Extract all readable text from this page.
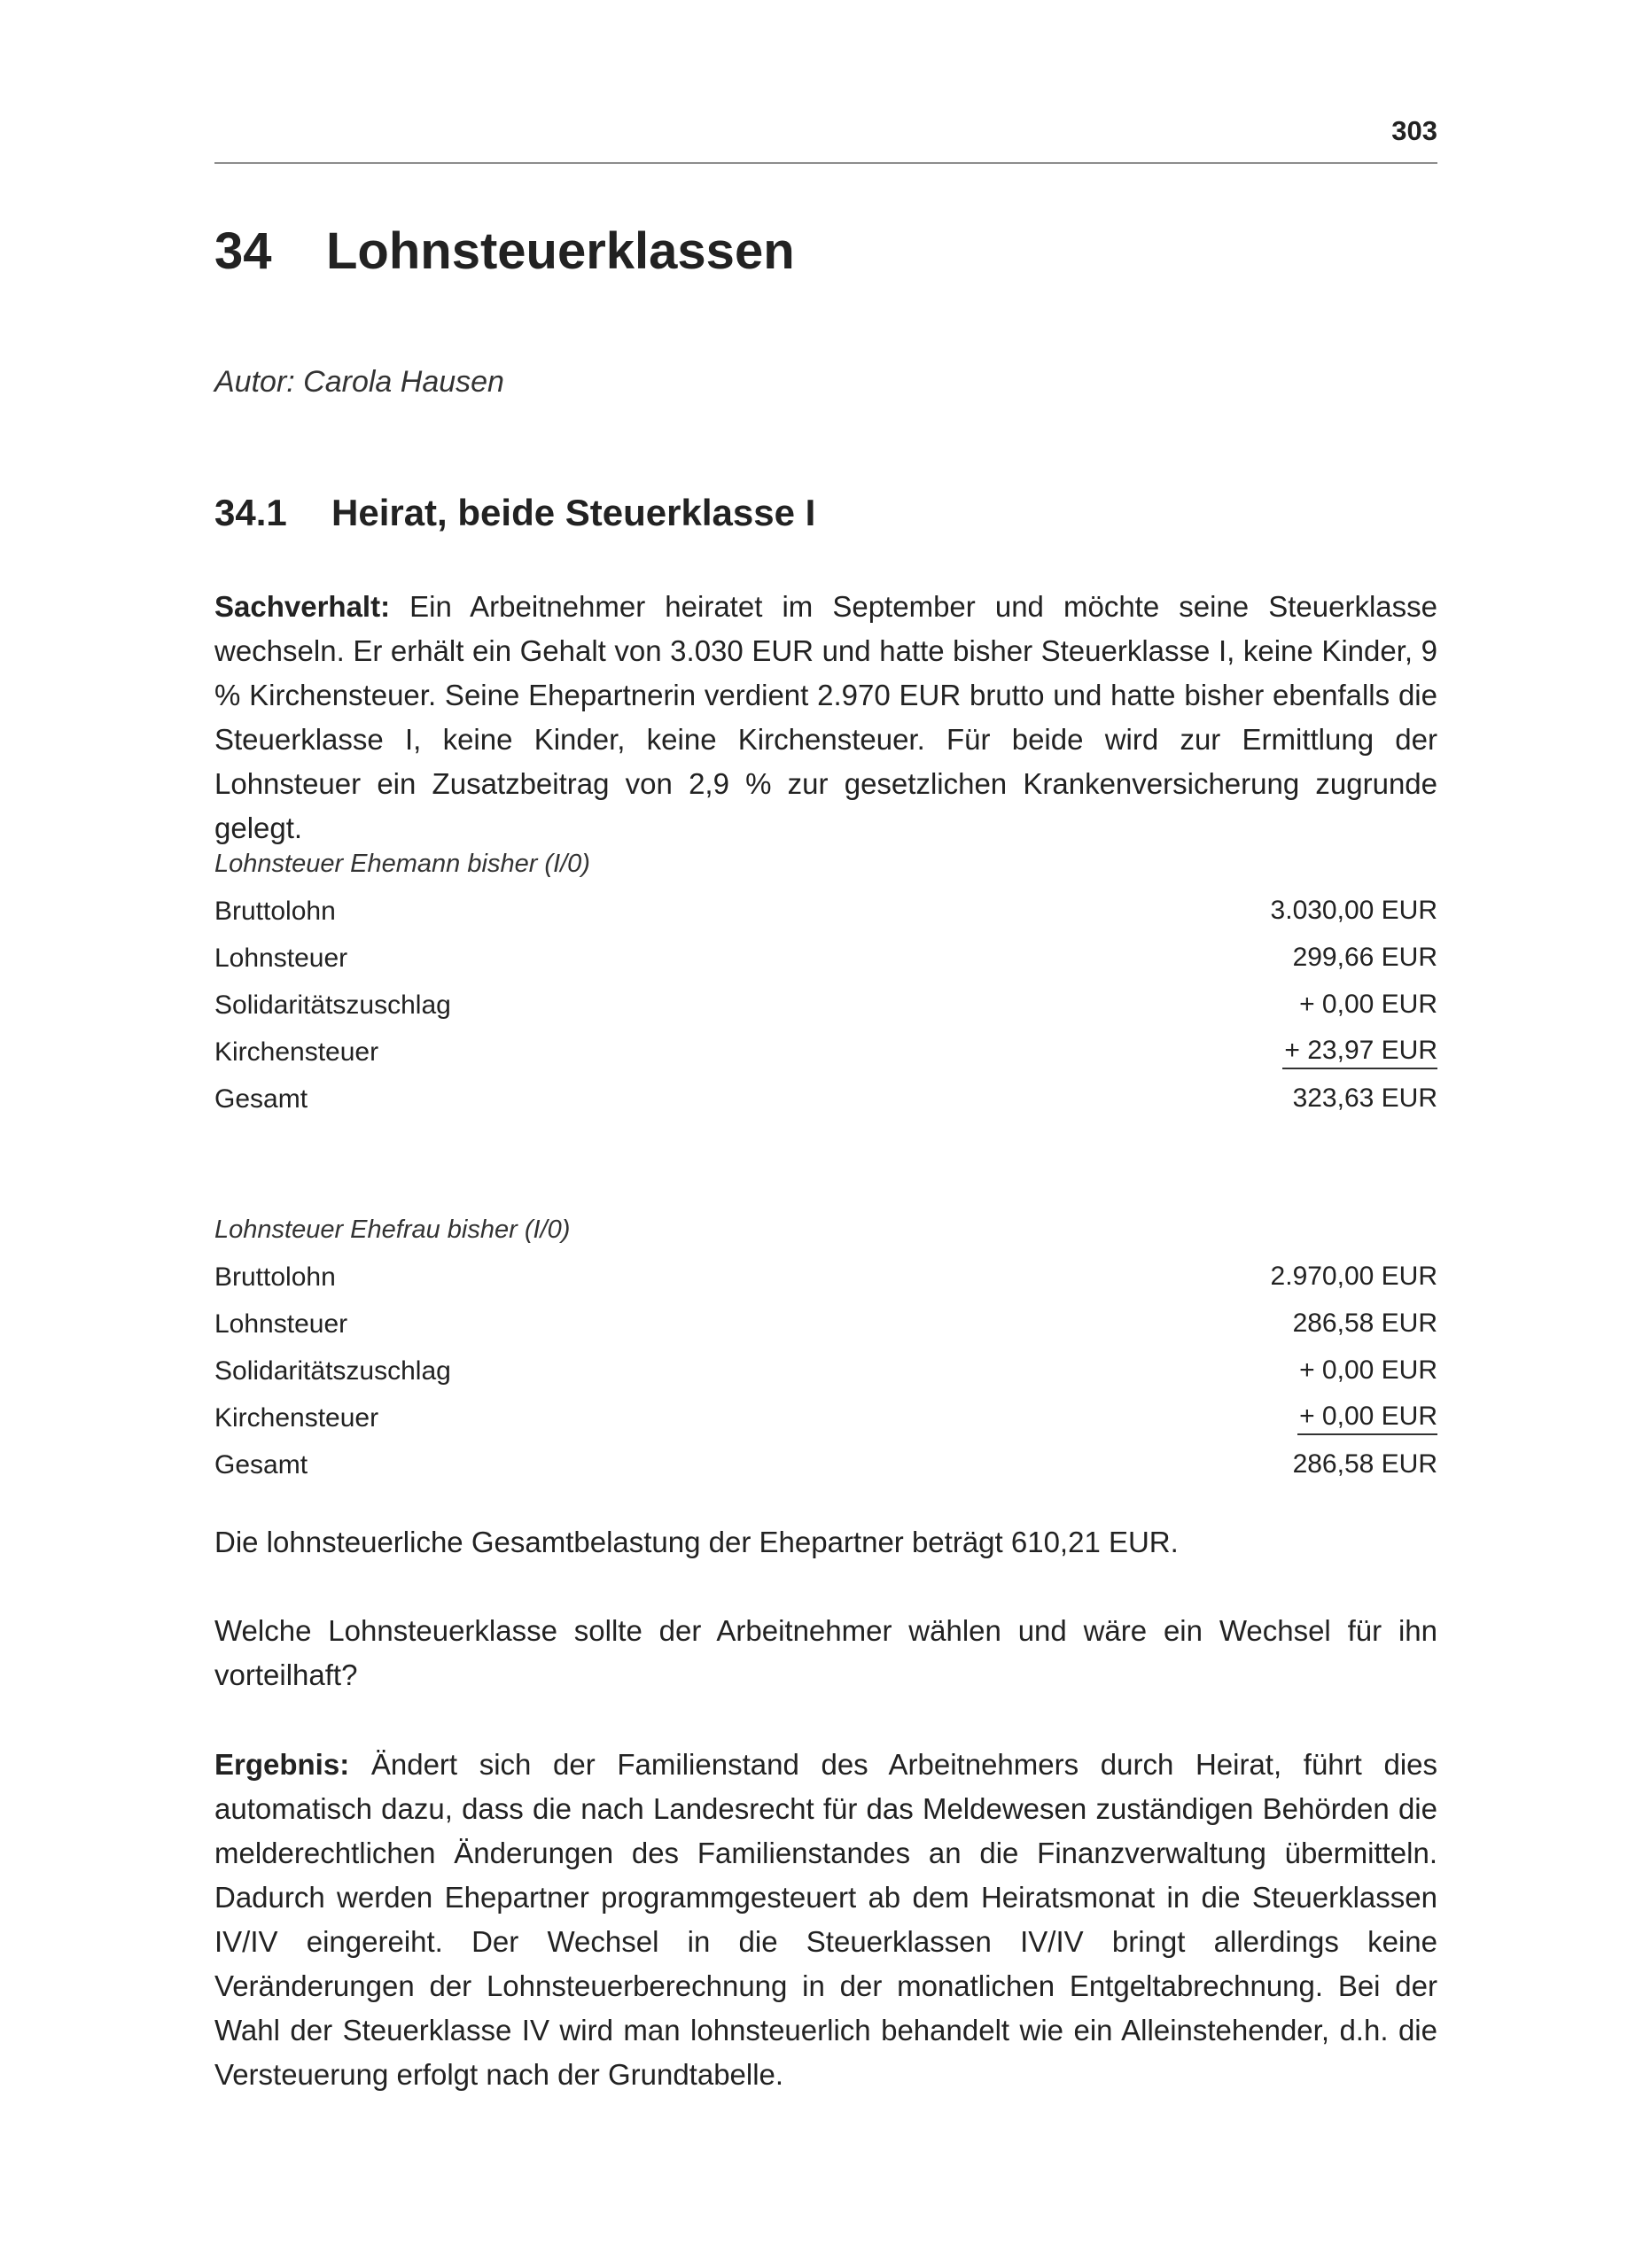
303
34 Lohnsteuerklassen
Autor: Carola Hausen
34.1 Heirat, beide Steuerklasse I

Sachverhalt: Ein Arbeitnehmer heiratet im September und möchte seine Steuerklasse wechseln. Er erhält ein Gehalt von 3.030 EUR und hatte bisher Steuerklasse I, keine Kinder, 9 % Kirchensteuer. Seine Ehepartnerin verdient 2.970 EUR brutto und hatte bisher ebenfalls die Steuerklasse I, keine Kinder, keine Kirchensteuer. Für beide wird zur Ermittlung der Lohnsteuer ein Zusatzbeitrag von 2,9 % zur gesetzlichen Krankenversicherung zugrunde gelegt.

Lohnsteuer Ehemann bisher (I/0)
Bruttolohn	3.030,00 EUR
Lohnsteuer	299,66 EUR
Solidaritätszuschlag	+ 0,00 EUR
Kirchensteuer	+ 23,97 EUR
Gesamt	323,63 EUR
Lohnsteuer Ehefrau bisher (I/0)
Bruttolohn	2.970,00 EUR
Lohnsteuer	286,58 EUR
Solidaritätszuschlag	+ 0,00 EUR
Kirchensteuer	+ 0,00 EUR
Gesamt	286,58 EUR

Die lohnsteuerliche Gesamtbelastung der Ehepartner beträgt 610,21 EUR.

Welche Lohnsteuerklasse sollte der Arbeitnehmer wählen und wäre ein Wechsel für ihn vorteilhaft?

Ergebnis: Ändert sich der Familienstand des Arbeitnehmers durch Heirat, führt dies automatisch dazu, dass die nach Landesrecht für das Meldewesen zuständigen Behörden die melderechtlichen Änderungen des Familienstandes an die Finanzverwaltung übermitteln. Dadurch werden Ehepartner programmgesteuert ab dem Heiratsmonat in die Steuerklassen IV/IV eingereiht. Der Wechsel in die Steuerklassen IV/IV bringt allerdings keine Veränderungen der Lohnsteuerberechnung in der monatlichen Entgeltabrechnung. Bei der Wahl der Steuerklasse IV wird man lohnsteuerlich behandelt wie ein Alleinstehender, d.h. die Versteuerung erfolgt nach der Grundtabelle.
